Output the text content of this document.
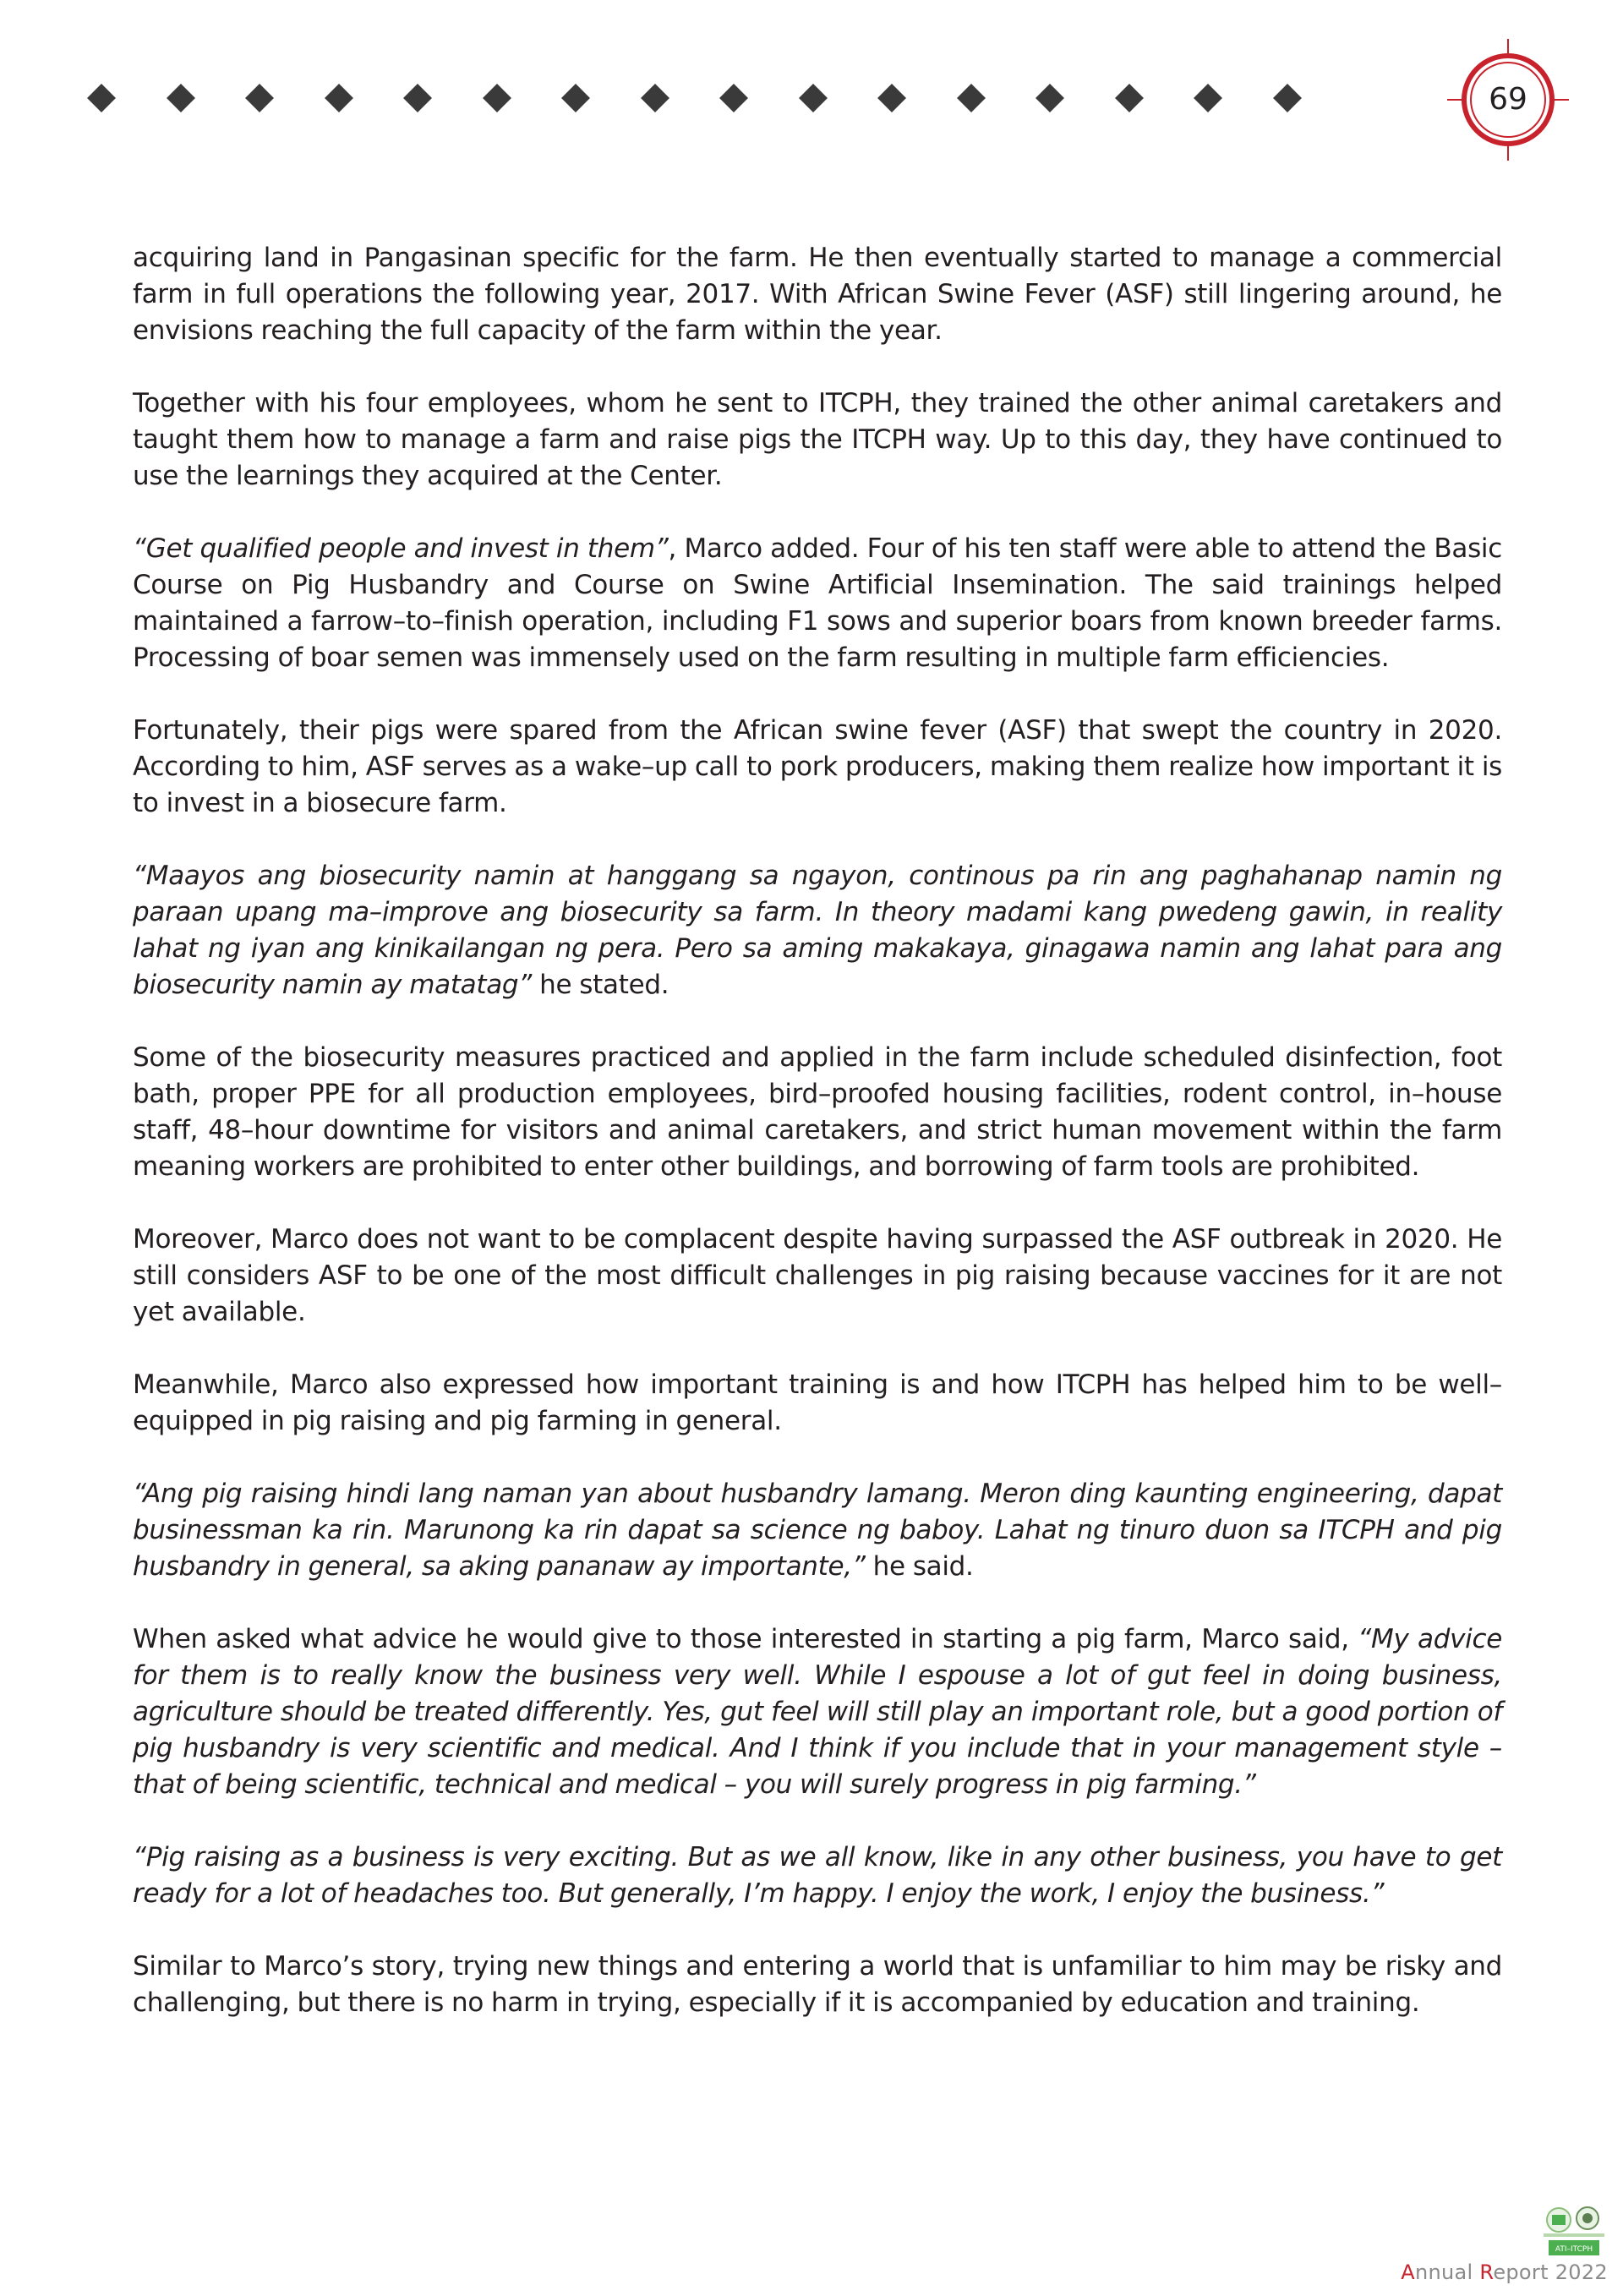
69

acquiring land in Pangasinan specific for the farm. He then eventually started to manage a commercial farm in full operations the following year, 2017. With African Swine Fever (ASF) still lingering around, he envisions reaching the full capacity of the farm within the year.

Together with his four employees, whom he sent to ITCPH, they trained the other animal caretakers and taught them how to manage a farm and raise pigs the ITCPH way. Up to this day, they have continued to use the learnings they acquired at the Center.

“Get qualified people and invest in them”, Marco added. Four of his ten staff were able to attend the Basic Course on Pig Husbandry and Course on Swine Artificial Insemination. The said trainings helped maintained a farrow–to–finish operation, including F1 sows and superior boars from known breeder farms. Processing of boar semen was immensely used on the farm resulting in multiple farm efficiencies.

Fortunately, their pigs were spared from the African swine fever (ASF) that swept the country in 2020. According to him, ASF serves as a wake–up call to pork producers, making them realize how important it is to invest in a biosecure farm.

“Maayos ang biosecurity namin at hanggang sa ngayon, continous pa rin ang paghahanap namin ng paraan upang ma–improve ang biosecurity sa farm. In theory madami kang pwedeng gawin, in reality lahat ng iyan ang kinikailangan ng pera. Pero sa aming makakaya, ginagawa namin ang lahat para ang biosecurity namin ay matatag” he stated.

Some of the biosecurity measures practiced and applied in the farm include scheduled disinfection, foot bath, proper PPE for all production employees, bird–proofed housing facilities, rodent control, in–house staff, 48–hour downtime for visitors and animal caretakers, and strict human movement within the farm meaning workers are prohibited to enter other buildings, and borrowing of farm tools are prohibited.

Moreover, Marco does not want to be complacent despite having surpassed the ASF outbreak in 2020. He still considers ASF to be one of the most difficult challenges in pig raising because vaccines for it are not yet available.

Meanwhile, Marco also expressed how important training is and how ITCPH has helped him to be well–equipped in pig raising and pig farming in general.

“Ang pig raising hindi lang naman yan about husbandry lamang. Meron ding kaunting engineering, dapat businessman ka rin. Marunong ka rin dapat sa science ng baboy. Lahat ng tinuro duon sa ITCPH and pig husbandry in general, sa aking pananaw ay importante,” he said.

When asked what advice he would give to those interested in starting a pig farm, Marco said, “My advice for them is to really know the business very well. While I espouse a lot of gut feel in doing business, agriculture should be treated differently. Yes, gut feel will still play an important role, but a good portion of pig husbandry is very scientific and medical. And I think if you include that in your management style – that of being scientific, technical and medical – you will surely progress in pig farming.”

“Pig raising as a business is very exciting. But as we all know, like in any other business, you have to get ready for a lot of headaches too. But generally, I’m happy. I enjoy the work, I enjoy the business.”

Similar to Marco’s story, trying new things and entering a world that is unfamiliar to him may be risky and challenging, but there is no harm in trying, especially if it is accompanied by education and training.

ATI–ITCPH
Annual Report 2022
